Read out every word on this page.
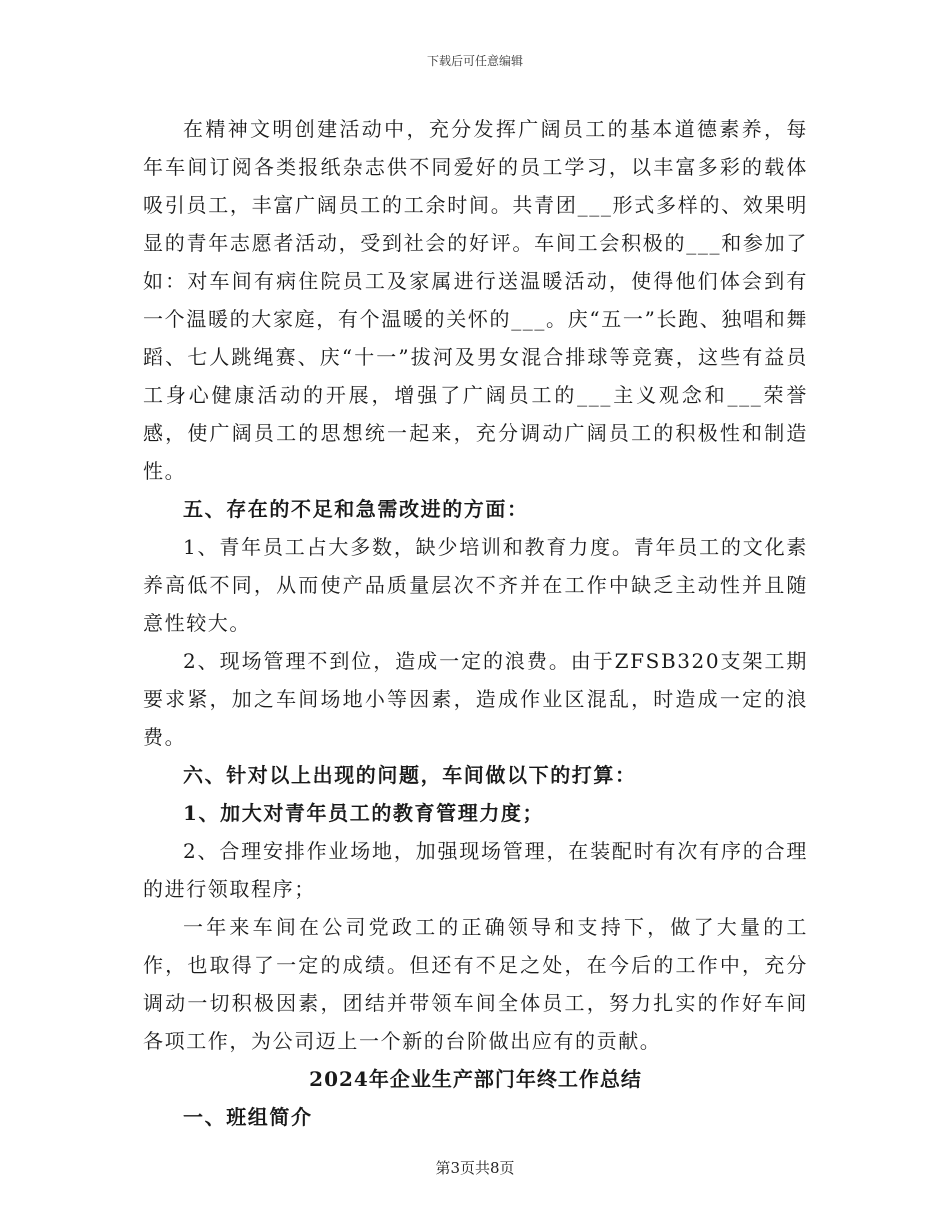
下载后可任意编辑

在精神文明创建活动中，充分发挥广阔员工的基本道德素养，每年车间订阅各类报纸杂志供不同爱好的员工学习，以丰富多彩的载体吸引员工，丰富广阔员工的工余时间。共青团___形式多样的、效果明显的青年志愿者活动，受到社会的好评。车间工会积极的___和参加了如：对车间有病住院员工及家属进行送温暖活动，使得他们体会到有一个温暖的大家庭，有个温暖的关怀的___。庆“五一”长跑、独唱和舞蹈、七人跳绳赛、庆“十一”拔河及男女混合排球等竞赛，这些有益员工身心健康活动的开展，增强了广阔员工的___主义观念和___荣誉感，使广阔员工的思想统一起来，充分调动广阔员工的积极性和制造性。

五、存在的不足和急需改进的方面：

1、青年员工占大多数，缺少培训和教育力度。青年员工的文化素养高低不同，从而使产品质量层次不齐并在工作中缺乏主动性并且随意性较大。

2、现场管理不到位，造成一定的浪费。由于ZFSB320支架工期要求紧，加之车间场地小等因素，造成作业区混乱，时造成一定的浪费。

六、针对以上出现的问题，车间做以下的打算：

1、加大对青年员工的教育管理力度；

2、合理安排作业场地，加强现场管理，在装配时有次有序的合理的进行领取程序；

一年来车间在公司党政工的正确领导和支持下，做了大量的工作，也取得了一定的成绩。但还有不足之处，在今后的工作中，充分调动一切积极因素，团结并带领车间全体员工，努力扎实的作好车间各项工作，为公司迈上一个新的台阶做出应有的贡献。

2024年企业生产部门年终工作总结

一、班组简介

第3页共8页
